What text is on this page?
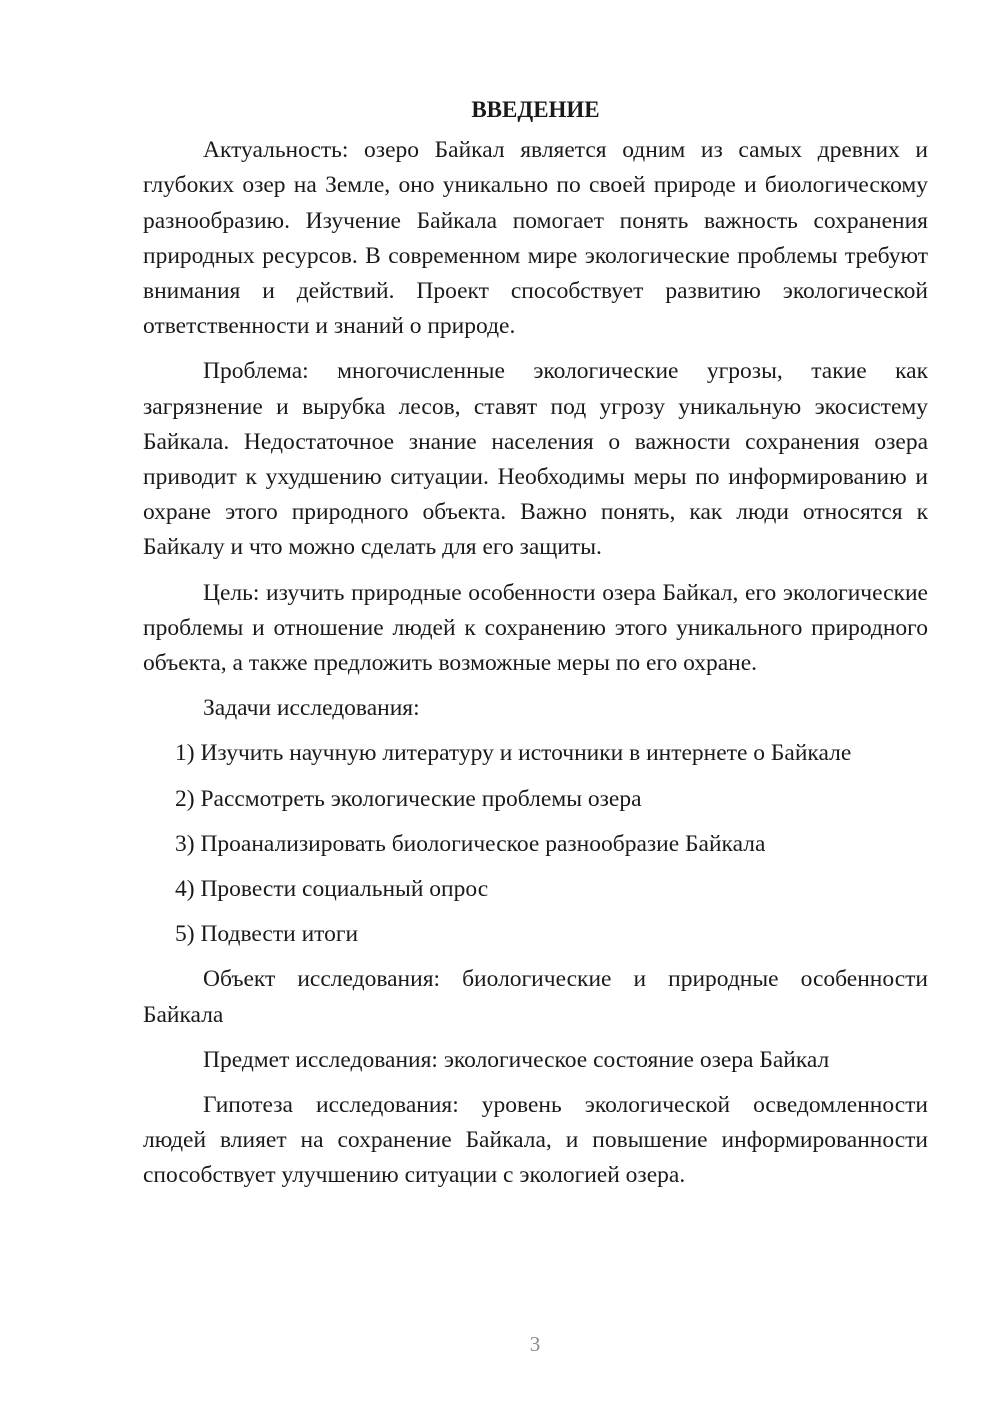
ВВЕДЕНИЕ

Актуальность: озеро Байкал является одним из самых древних и глубоких озер на Земле, оно уникально по своей природе и биологическому разнообразию. Изучение Байкала помогает понять важность сохранения природных ресурсов. В современном мире экологические проблемы требуют внимания и действий. Проект способствует развитию экологической ответственности и знаний о природе.

Проблема: многочисленные экологические угрозы, такие как загрязнение и вырубка лесов, ставят под угрозу уникальную экосистему Байкала. Недостаточное знание населения о важности сохранения озера приводит к ухудшению ситуации. Необходимы меры по информированию и охране этого природного объекта. Важно понять, как люди относятся к Байкалу и что можно сделать для его защиты.

Цель: изучить природные особенности озера Байкал, его экологические проблемы и отношение людей к сохранению этого уникального природного объекта, а также предложить возможные меры по его охране.

Задачи исследования:

1) Изучить научную литературу и источники в интернете о Байкале
2) Рассмотреть экологические проблемы озера
3) Проанализировать биологическое разнообразие Байкала
4) Провести социальный опрос
5) Подвести итоги

Объект исследования: биологические и природные особенности Байкала

Предмет исследования: экологическое состояние озера Байкал

Гипотеза исследования: уровень экологической осведомленности людей влияет на сохранение Байкала, и повышение информированности способствует улучшению ситуации с экологией озера.

3
